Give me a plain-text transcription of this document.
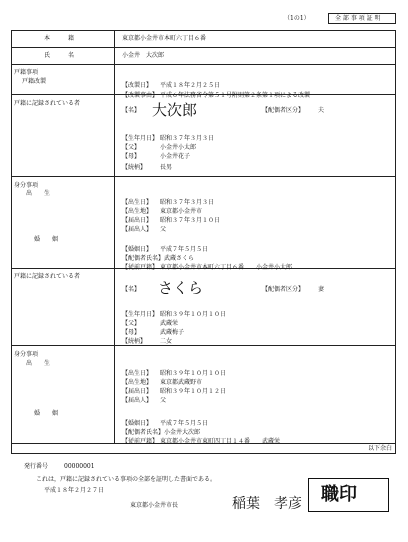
（1の1）	全 部 事 項 証 明
本　　　籍	東京都小金井市本町六丁目６番
氏　　　名	小金井　大次郎
戸籍事項
戸籍改製
【改製日】 平成１８年２月２５日
【改製事由】 平成６年法務省令第５１号附則第２条第１項による改製
戸籍に記録されている者
【名】 大次郎	【配偶者区分】 夫
【生年月日】 昭和３７年３月３日
【父】	小金井小太郎
【母】	小金井花子
【続柄】 長男
身分事項
出　　生
【出生日】 昭和３７年３月３日
【出生地】 東京都小金井市
【届出日】 昭和３７年３月１０日
【届出人】 父
婚　　姻
【婚姻日】 平成７年５月５日
【配偶者氏名】武蔵さくら
【従前戸籍】 東京都小金井市本町六丁目６番　　小金井小太郎
戸籍に記録されている者
【名】 さくら	【配偶者区分】 妻
【生年月日】 昭和３９年１０月１０日
【父】	武蔵栄
【母】	武蔵梅子
【続柄】 二女
身分事項
出　　生
【出生日】 昭和３９年１０月１０日
【出生地】 東京都武蔵野市
【届出日】 昭和３９年１０月１２日
【届出人】 父
婚　　姻
【婚姻日】 平成７年５月５日
【配偶者氏名】小金井大次郎
【従前戸籍】 東京都小金井市東町四丁目１４番　　武蔵栄
以下余白
発行番号	00000001
これは，戸籍に記録されている事項の全部を証明した書面である。
平成１８年２月２７日
東京都小金井市長	稲葉　孝彦 職印
